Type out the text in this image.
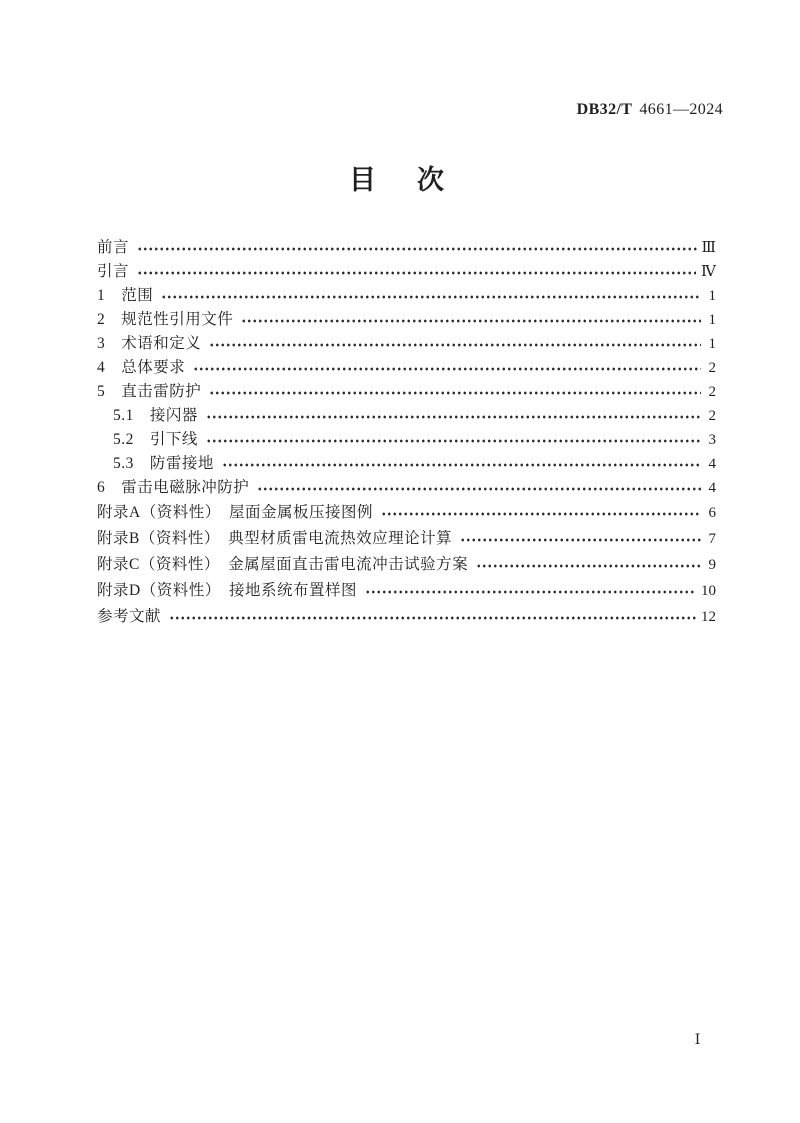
DB32/T 4661—2024
目　次
前言	Ⅲ
引言	Ⅳ
1　范围	1
2　规范性引用文件	1
3　术语和定义	1
4　总体要求	2
5　直击雷防护	2
5.1　接闪器	2
5.2　引下线	3
5.3　防雷接地	4
6　雷击电磁脉冲防护	4
附录A（资料性）　屋面金属板压接图例	6
附录B（资料性）　典型材质雷电流热效应理论计算	7
附录C（资料性）　金属屋面直击雷电流冲击试验方案	9
附录D（资料性）　接地系统布置样图	10
参考文献	12
Ⅰ
